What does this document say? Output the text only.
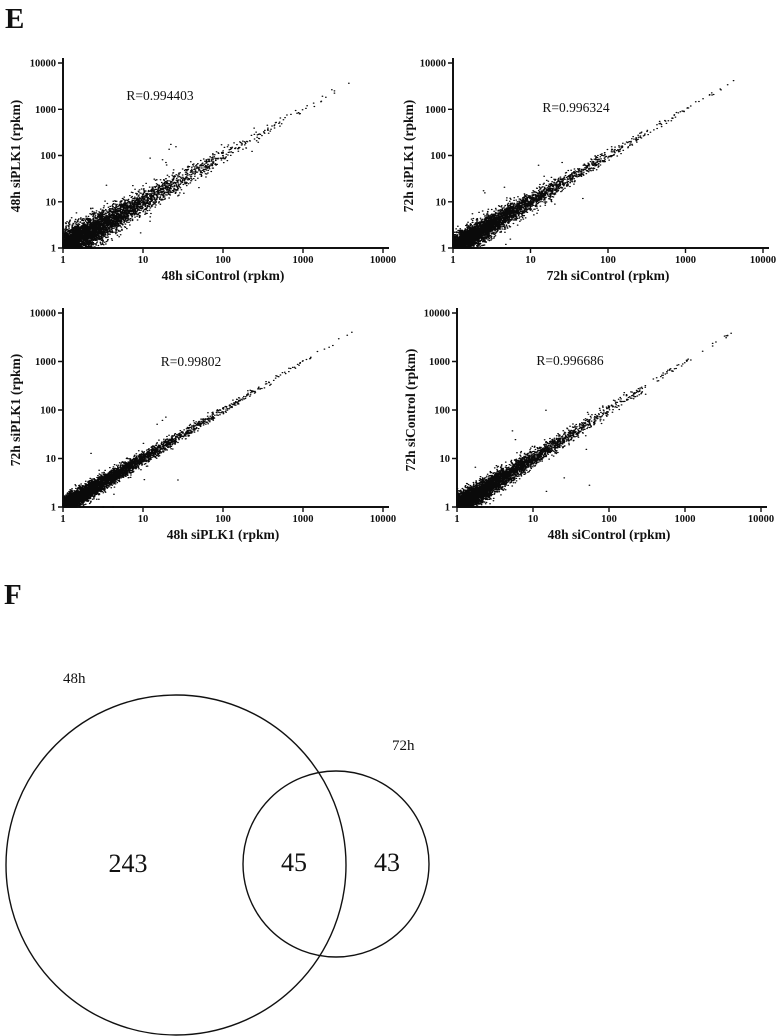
1
1
10
10
100
100
1000
1000
10000
10000
1
1
10
10
100
100
1000
1000
10000
10000
1
1
10
10
100
100
1000
1000
10000
10000
1
1
10
10
100
100
1000
1000
10000
10000
E
F
R=0.994403
48h siControl (rpkm)
48h siPLK1 (rpkm)	R=0.996324
72h siControl (rpkm)
72h siPLK1 (rpkm)
R=0.99802
48h siPLK1 (rpkm)
72h siPLK1 (rpkm)	R=0.996686
48h siControl (rpkm)
72h siControl (rpkm)
48h
72h
243	45	43
